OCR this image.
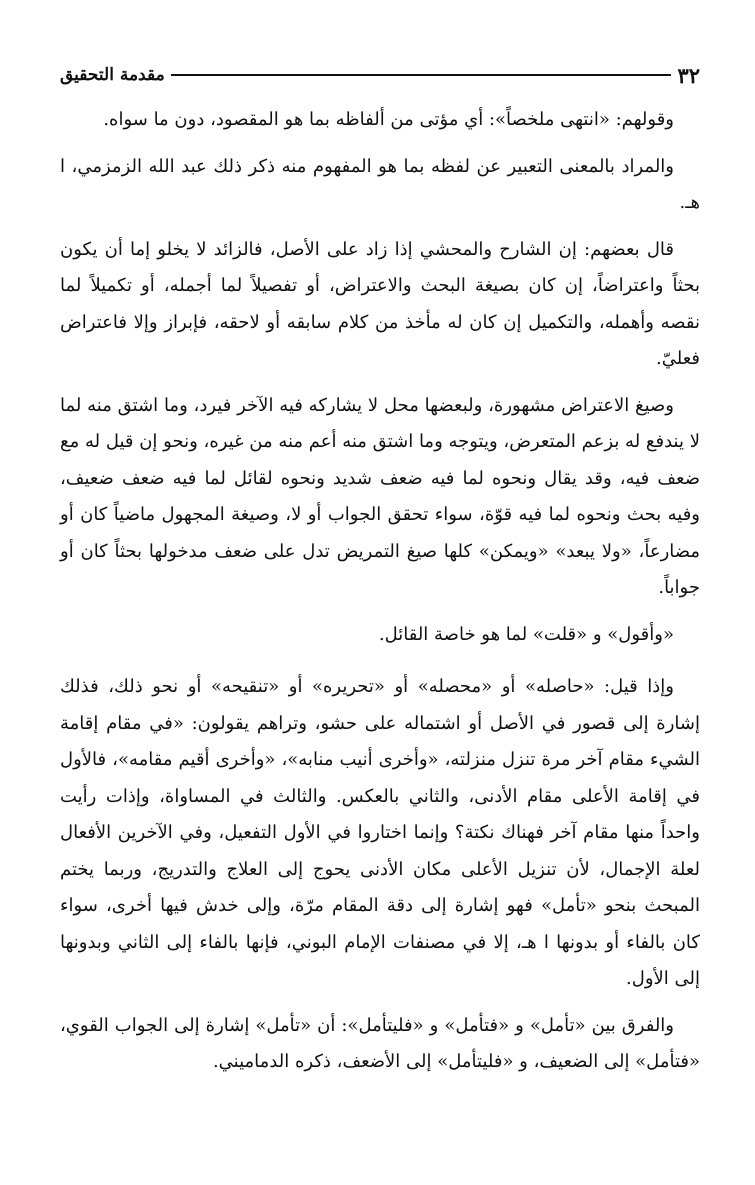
٣٢
مقدمة التحقيق

وقولهم: «انتهى ملخصاً»: أي مؤتى من ألفاظه بما هو المقصود، دون ما سواه.

والمراد بالمعنى التعبير عن لفظه بما هو المفهوم منه ذكر ذلك عبد الله الزمزمي، ا هـ.

قال بعضهم: إن الشارح والمحشي إذا زاد على الأصل، فالزائد لا يخلو إما أن يكون بحثاً واعتراضاً، إن كان بصيغة البحث والاعتراض، أو تفصيلاً لما أجمله، أو تكميلاً لما نقصه وأهمله، والتكميل إن كان له مأخذ من كلام سابقه أو لاحقه، فإبراز وإلا فاعتراض فعليّ.

وصيغ الاعتراض مشهورة، ولبعضها محل لا يشاركه فيه الآخر فيرد، وما اشتق منه لما لا يندفع له بزعم المتعرض، ويتوجه وما اشتق منه أعم منه من غيره، ونحو إن قيل له مع ضعف فيه، وقد يقال ونحوه لما فيه ضعف شديد ونحوه لقائل لما فيه ضعف ضعيف، وفيه بحث ونحوه لما فيه قوّة، سواء تحقق الجواب أو لا، وصيغة المجهول ماضياً كان أو مضارعاً، «ولا يبعد» «ويمكن» كلها صيغ التمريض تدل على ضعف مدخولها بحثاً كان أو جواباً.

«وأقول» و «قلت» لما هو خاصة القائل.

وإذا قيل: «حاصله» أو «محصله» أو «تحريره» أو «تنقيحه» أو نحو ذلك، فذلك إشارة إلى قصور في الأصل أو اشتماله على حشو، وتراهم يقولون: «في مقام إقامة الشيء مقام آخر مرة تنزل منزلته، «وأخرى أنيب منابه»، «وأخرى أقيم مقامه»، فالأول في إقامة الأعلى مقام الأدنى، والثاني بالعكس. والثالث في المساواة، وإذات رأيت واحداً منها مقام آخر فهناك نكتة؟ وإنما اختاروا في الأول التفعيل، وفي الآخرين الأفعال لعلة الإجمال، لأن تنزيل الأعلى مكان الأدنى يحوج إلى العلاج والتدريج، وربما يختم المبحث بنحو «تأمل» فهو إشارة إلى دقة المقام مرّة، وإلى خدش فيها أخرى، سواء كان بالفاء أو بدونها ا هـ، إلا في مصنفات الإمام البوني، فإنها بالفاء إلى الثاني وبدونها إلى الأول.

والفرق بين «تأمل» و «فتأمل» و «فليتأمل»: أن «تأمل» إشارة إلى الجواب القوي، «فتأمل» إلى الضعيف، و «فليتأمل» إلى الأضعف، ذكره الدماميني.
